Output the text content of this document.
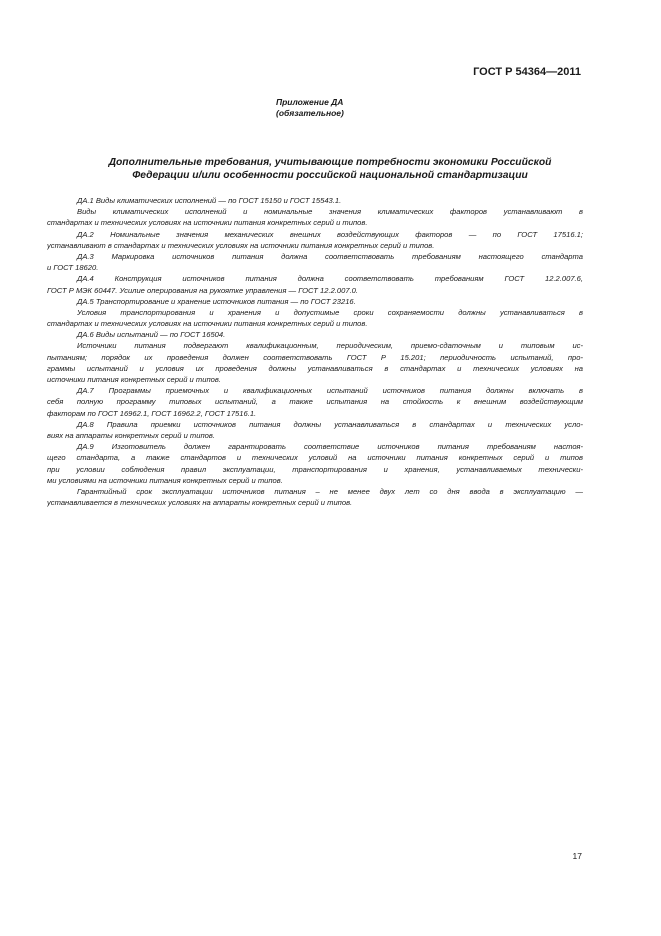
ГОСТ Р 54364—2011
Приложение ДА
(обязательное)
Дополнительные требования, учитывающие потребности экономики Российской
Федерации и/или особенности российской национальной стандартизации
ДА.1 Виды климатических исполнений — по ГОСТ 15150 и ГОСТ 15543.1.
Виды климатических исполнений и номинальные значения климатических факторов устанавливают в
стандартах и технических условиях на источники питания конкретных серий и типов.
ДА.2 Номинальные значения механических внешних воздействующих факторов — по ГОСТ 17516.1;
устанавливают в стандартах и технических условиях на источники питания конкретных серий и типов.
ДА.3 Маркировка источников питания должна соответствовать требованиям настоящего стандарта
и ГОСТ 18620.
ДА.4 Конструкция источников питания должна соответствовать требованиям ГОСТ 12.2.007.6,
ГОСТ Р МЭК 60447. Усилие оперирования на рукоятке управления — ГОСТ 12.2.007.0.
ДА.5 Транспортирование и хранение источников питания — по ГОСТ 23216.
Условия транспортирования и хранения и допустимые сроки сохраняемости должны устанавливаться в
стандартах и технических условиях на источники питания конкретных серий и типов.
ДА.6 Виды испытаний — по ГОСТ 16504.
Источники питания подвергают квалификационным, периодическим, приемо-сдаточным и типовым ис-
пытаниям; порядок их проведения должен соответствовать ГОСТ Р 15.201; периодичность испытаний, про-
граммы испытаний и условия их проведения должны устанавливаться в стандартах и технических условиях на
источники питания конкретных серий и типов.
ДА.7 Программы приемочных и квалификационных испытаний источников питания должны включать в
себя полную программу типовых испытаний, а также испытания на стойкость к внешним воздействующим
факторам по ГОСТ 16962.1, ГОСТ 16962.2, ГОСТ 17516.1.
ДА.8 Правила приемки источников питания должны устанавливаться в стандартах и технических усло-
виях на аппараты конкретных серий и типов.
ДА.9 Изготовитель должен гарантировать соответствие источников питания требованиям настоя-
щего стандарта, а также стандартов и технических условий на источники питания конкретных серий и типов
при условии соблюдения правил эксплуатации, транспортирования и хранения, устанавливаемых технически-
ми условиями на источники питания конкретных серий и типов.
Гарантийный срок эксплуатации источников питания – не менее двух лет со дня ввода в эксплуатацию —
устанавливается в технических условиях на аппараты конкретных серий и типов.
17
